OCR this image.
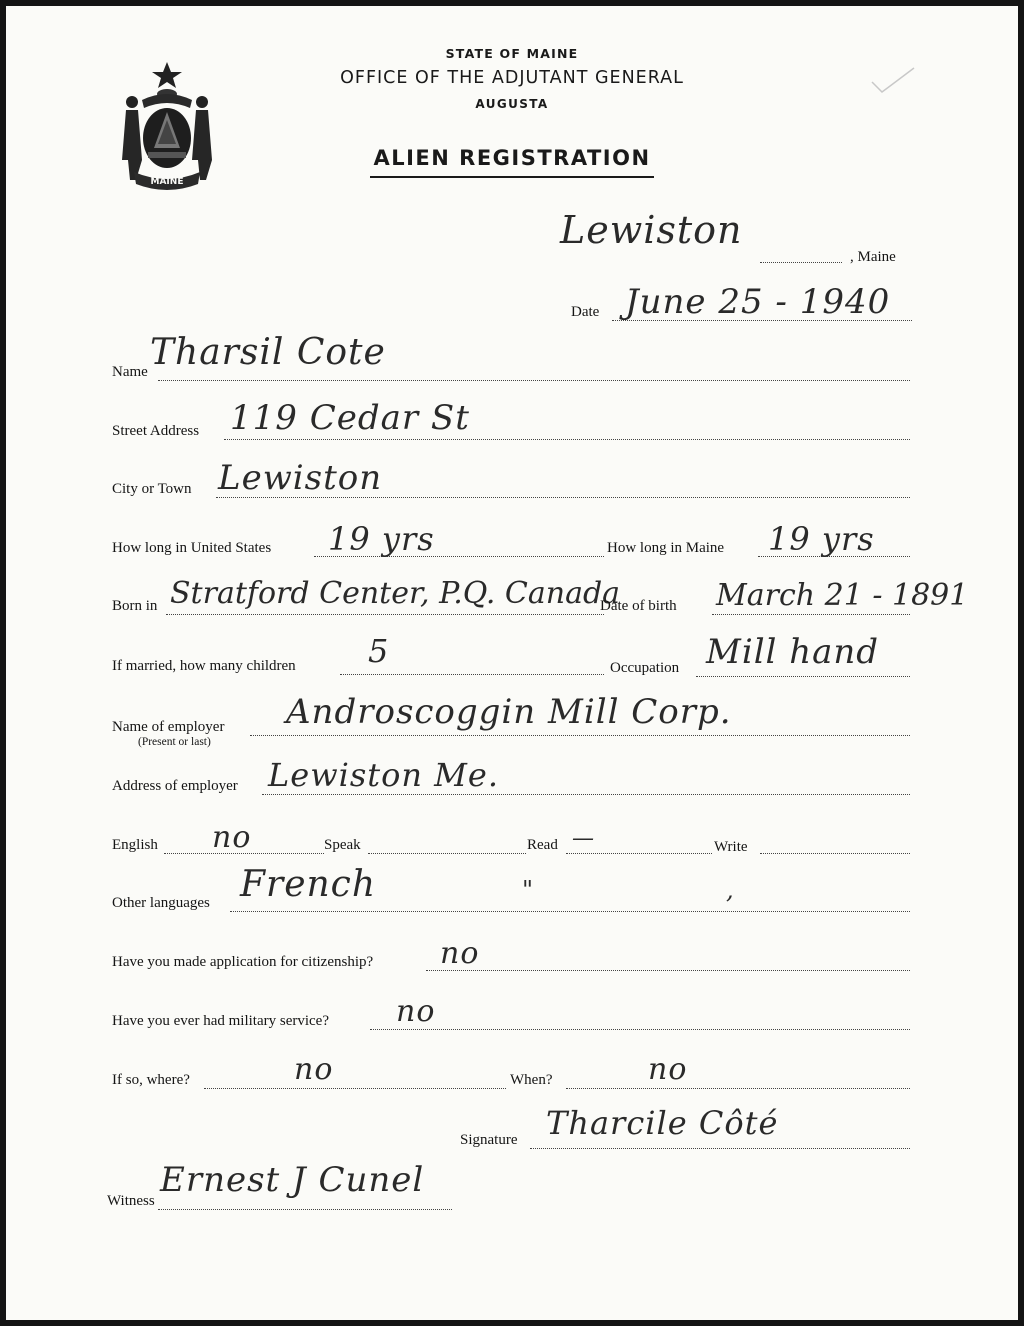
MAINE
STATE OF MAINE
OFFICE OF THE ADJUTANT GENERAL
AUGUSTA
ALIEN REGISTRATION
Lewiston
, Maine
Date June 25 - 1940
Name Tharsil Cote
Street Address 119 Cedar St
City or Town Lewiston
How long in United States 19 yrs	How long in Maine 19 yrs
Born in Stratford Center, P.Q. Canada
Date of birth March 21 - 1891
If married, how many children 5	Occupation Mill hand
Name of employer
(Present or last)
Androscoggin Mill Corp.
Address of employer Lewiston Me.
English no	Speak	Read —	Write
Other languages French	"	,
Have you made application for citizenship? no
Have you ever had military service? no
If so, where?	no	When?	no
Signature Tharcile Côté
Witness
Ernest J Cunel
